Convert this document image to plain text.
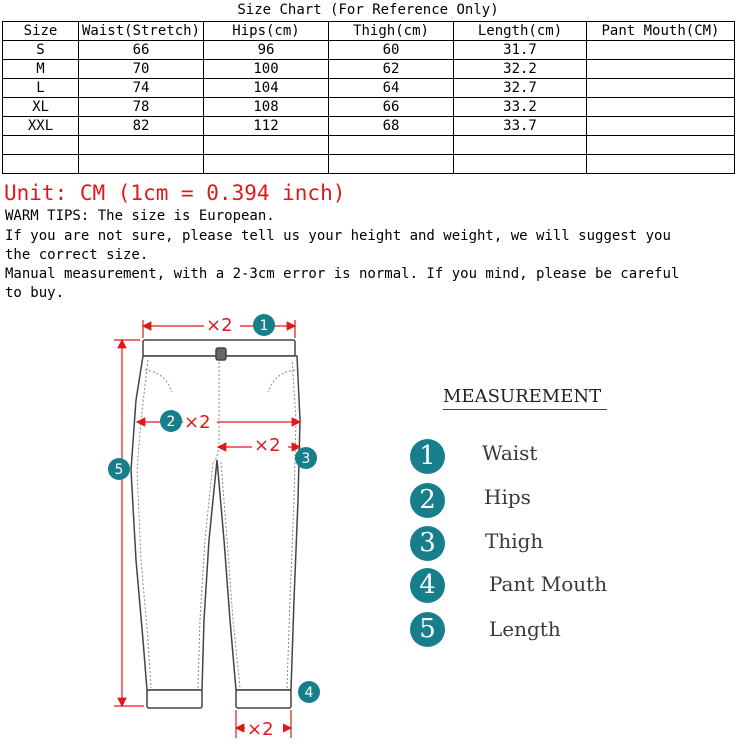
Size Chart (For Reference Only)
Size	Waist(Stretch)	Hips(cm)	Thigh(cm)	Length(cm)	Pant Mouth(CM)
S	66	96	60	31.7	
M	70	100	62	32.2	
L	74	104	64	32.7	
XL	78	108	66	33.2	
XXL	82	112	68	33.7	

Unit: CM (1cm = 0.394 inch)
WARM TIPS: The size is European.
If you are not sure, please tell us your height and weight, we will suggest you
the correct size.
Manual measurement, with a 2-3cm error is normal. If you mind, please be careful
to buy.
×2
×2
×2
×2
1
2
3
4
5
MEASUREMENT
1	Waist
2	Hips
3	Thigh
4	Pant Mouth
5	Length
